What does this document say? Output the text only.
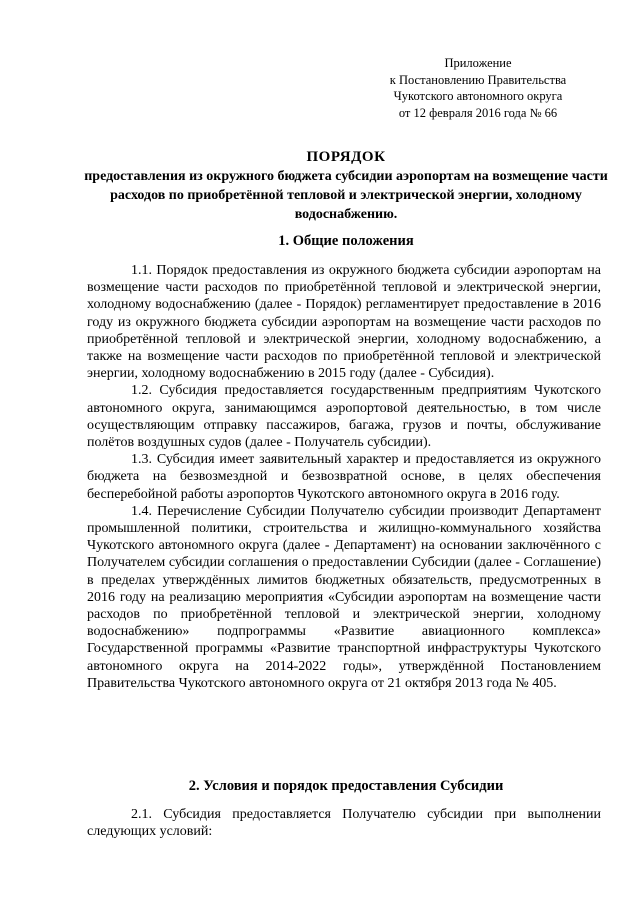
Приложение
к Постановлению Правительства
Чукотского автономного округа
от 12 февраля 2016 года № 66
ПОРЯДОК
предоставления из окружного бюджета субсидии аэропортам на возмещение части расходов по приобретённой тепловой и электрической энергии, холодному водоснабжению.
1. Общие положения

1.1. Порядок предоставления из окружного бюджета субсидии аэропортам на возмещение части расходов по приобретённой тепловой и электрической энергии, холодному водоснабжению (далее - Порядок) регламентирует предоставление в 2016 году из окружного бюджета субсидии аэропортам на возмещение части расходов по приобретённой тепловой и электрической энергии, холодному водоснабжению, а также на возмещение части расходов по приобретённой тепловой и электрической энергии, холодному водоснабжению в 2015 году (далее - Субсидия).

1.2. Субсидия предоставляется государственным предприятиям Чукотского автономного округа, занимающимся аэропортовой деятельностью, в том числе осуществляющим отправку пассажиров, багажа, грузов и почты, обслуживание полётов воздушных судов (далее - Получатель субсидии).

1.3. Субсидия имеет заявительный характер и предоставляется из окружного бюджета на безвозмездной и безвозвратной основе, в целях обеспечения бесперебойной работы аэропортов Чукотского автономного округа в 2016 году.

1.4. Перечисление Субсидии Получателю субсидии производит Департамент промышленной политики, строительства и жилищно-коммунального хозяйства Чукотского автономного округа (далее - Департамент) на основании заключённого с Получателем субсидии соглашения о предоставлении Субсидии (далее - Соглашение) в пределах утверждённых лимитов бюджетных обязательств, предусмотренных в 2016 году на реализацию мероприятия «Субсидии аэропортам на возмещение части расходов по приобретённой тепловой и электрической энергии, холодному водоснабжению» подпрограммы «Развитие авиационного комплекса» Государственной программы «Развитие транспортной инфраструктуры Чукотского автономного округа на 2014-2022 годы», утверждённой Постановлением Правительства Чукотского автономного округа от 21 октября 2013 года № 405.

2. Условия и порядок предоставления Субсидии

2.1. Субсидия предоставляется Получателю субсидии при выполнении следующих условий:
